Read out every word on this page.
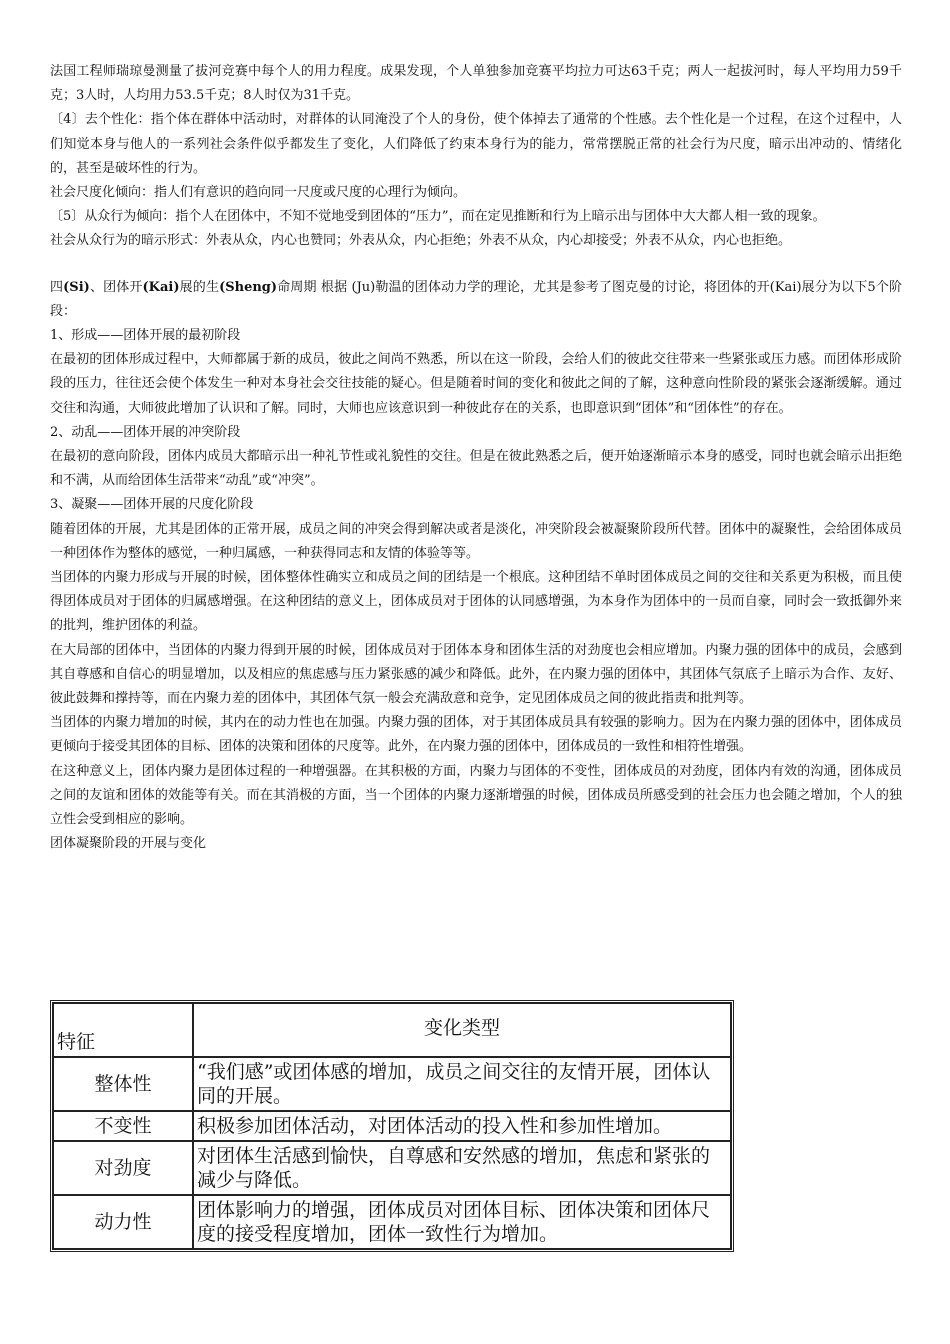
法国工程师瑞琼曼测量了拔河竞赛中每个人的用力程度。成果发现，个人单独参加竞赛平均拉力可达63千克；两人一起拔河时，每人平均用力59千克；3人时，人均用力53.5千克；8人时仅为31千克。

〔4〕去个性化：指个体在群体中活动时，对群体的认同淹没了个人的身份，使个体掉去了通常的个性感。去个性化是一个过程，在这个过程中，人们知觉本身与他人的一系列社会条件似乎都发生了变化，人们降低了约束本身行为的能力，常常摆脱正常的社会行为尺度，暗示出冲动的、情绪化的，甚至是破坏性的行为。

社会尺度化倾向：指人们有意识的趋向同一尺度或尺度的心理行为倾向。

〔5〕从众行为倾向：指个人在团体中，不知不觉地受到团体的“压力”，而在定见推断和行为上暗示出与团体中大大都人相一致的现象。

社会从众行为的暗示形式：外表从众，内心也赞同；外表从众，内心拒绝；外表不从众，内心却接受；外表不从众，内心也拒绝。

四(Si)、团体开(Kai)展的生(Sheng)命周期 根据 (Ju)勒温的团体动力学的理论，尤其是参考了图克曼的讨论，将团体的开(Kai)展分为以下5个阶段：

1、形成——团体开展的最初阶段

在最初的团体形成过程中，大师都属于新的成员，彼此之间尚不熟悉，所以在这一阶段，会给人们的彼此交往带来一些紧张或压力感。而团体形成阶段的压力，往往还会使个体发生一种对本身社会交往技能的疑心。但是随着时间的变化和彼此之间的了解，这种意向性阶段的紧张会逐渐缓解。通过交往和沟通，大师彼此增加了认识和了解。同时，大师也应该意识到一种彼此存在的关系，也即意识到“团体”和“团体性”的存在。

2、动乱——团体开展的冲突阶段

在最初的意向阶段，团体内成员大都暗示出一种礼节性或礼貌性的交往。但是在彼此熟悉之后，便开始逐渐暗示本身的感受，同时也就会暗示出拒绝和不满，从而给团体生活带来“动乱”或“冲突”。

3、凝聚——团体开展的尺度化阶段

随着团体的开展，尤其是团体的正常开展，成员之间的冲突会得到解决或者是淡化，冲突阶段会被凝聚阶段所代替。团体中的凝聚性，会给团体成员一种团体作为整体的感觉，一种归属感，一种获得同志和友情的体验等等。

当团体的内聚力形成与开展的时候，团体整体性确实立和成员之间的团结是一个根底。这种团结不单时团体成员之间的交往和关系更为积极，而且使得团体成员对于团体的归属感增强。在这种团结的意义上，团体成员对于团体的认同感增强，为本身作为团体中的一员而自豪，同时会一致抵御外来的批判，维护团体的利益。

在大局部的团体中，当团体的内聚力得到开展的时候，团体成员对于团体本身和团体生活的对劲度也会相应增加。内聚力强的团体中的成员，会感到其自尊感和自信心的明显增加，以及相应的焦虑感与压力紧张感的减少和降低。此外，在内聚力强的团体中，其团体气氛底子上暗示为合作、友好、彼此鼓舞和撑持等，而在内聚力差的团体中，其团体气氛一般会充满敌意和竞争，定见团体成员之间的彼此指责和批判等。

当团体的内聚力增加的时候，其内在的动力性也在加强。内聚力强的团体，对于其团体成员具有较强的影响力。因为在内聚力强的团体中，团体成员更倾向于接受其团体的目标、团体的决策和团体的尺度等。此外，在内聚力强的团体中，团体成员的一致性和相符性增强。

在这种意义上，团体内聚力是团体过程的一种增强器。在其积极的方面，内聚力与团体的不变性，团体成员的对劲度，团体内有效的沟通，团体成员之间的友谊和团体的效能等有关。而在其消极的方面，当一个团体的内聚力逐渐增强的时候，团体成员所感受到的社会压力也会随之增加，个人的独立性会受到相应的影响。

团体凝聚阶段的开展与变化

特征	变化类型
整体性	“我们感”或团体感的增加，成员之间交往的友情开展，团体认同的开展。
不变性	积极参加团体活动，对团体活动的投入性和参加性增加。
对劲度	对团体生活感到愉快，自尊感和安然感的增加，焦虑和紧张的减少与降低。
动力性	团体影响力的增强，团体成员对团体目标、团体决策和团体尺度的接受程度增加，团体一致性行为增加。
